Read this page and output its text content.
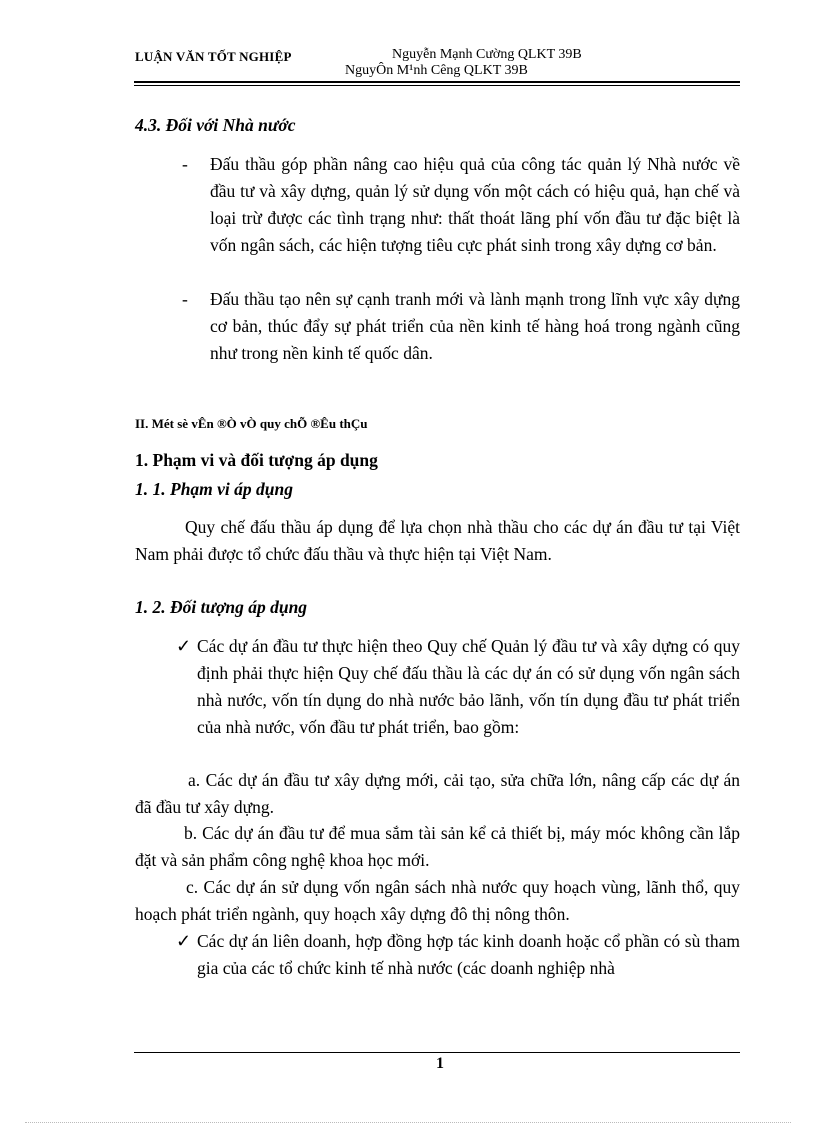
LUẬN VĂN TỐT NGHIỆP	Nguyễn Mạnh Cường QLKT 39B
NguyÔn M¹nh Cêng QLKT 39B
4.3. Đối với Nhà nước
- Đấu thầu góp phần nâng cao hiệu quả của công tác quản lý Nhà nước về đầu tư và xây dựng, quản lý sử dụng vốn một cách có hiệu quả, hạn chế và loại trừ được các tình trạng như: thất thoát lãng phí vốn đầu tư đặc biệt là vốn ngân sách, các hiện tượng tiêu cực phát sinh trong xây dựng cơ bản.
- Đấu thầu tạo nên sự cạnh tranh mới và lành mạnh trong lĩnh vực xây dựng cơ bản, thúc đẩy sự phát triển của nền kinh tế hàng hoá trong ngành cũng như trong nền kinh tế quốc dân.
II. Mét sè vÊn ®Ò vÒ quy chÕ ®Êu thÇu
1. Phạm vi và đối tượng áp dụng
1. 1. Phạm vi áp dụng
Quy chế đấu thầu áp dụng để lựa chọn nhà thầu cho các dự án đầu tư tại Việt Nam phải được tổ chức đấu thầu và thực hiện tại Việt Nam.
1. 2. Đối tượng áp dụng
✓ Các dự án đầu tư thực hiện theo Quy chế Quản lý đầu tư và xây dựng có quy định phải thực hiện Quy chế đấu thầu là các dự án có sử dụng vốn ngân sách nhà nước, vốn tín dụng do nhà nước bảo lãnh, vốn tín dụng đầu tư phát triển của nhà nước, vốn đầu tư phát triển, bao gồm:
a. Các dự án đầu tư xây dựng mới, cải tạo, sửa chữa lớn, nâng cấp các dự án đã đầu tư xây dựng.
b. Các dự án đầu tư để mua sắm tài sản kể cả thiết bị, máy móc không cần lắp đặt và sản phẩm công nghệ khoa học mới.
c. Các dự án sử dụng vốn ngân sách nhà nước quy hoạch vùng, lãnh thổ, quy hoạch phát triển ngành, quy hoạch xây dựng đô thị nông thôn.
✓ Các dự án liên doanh, hợp đồng hợp tác kinh doanh hoặc cổ phần có sù tham gia của các tổ chức kinh tế nhà nước (các doanh nghiệp nhà
1
